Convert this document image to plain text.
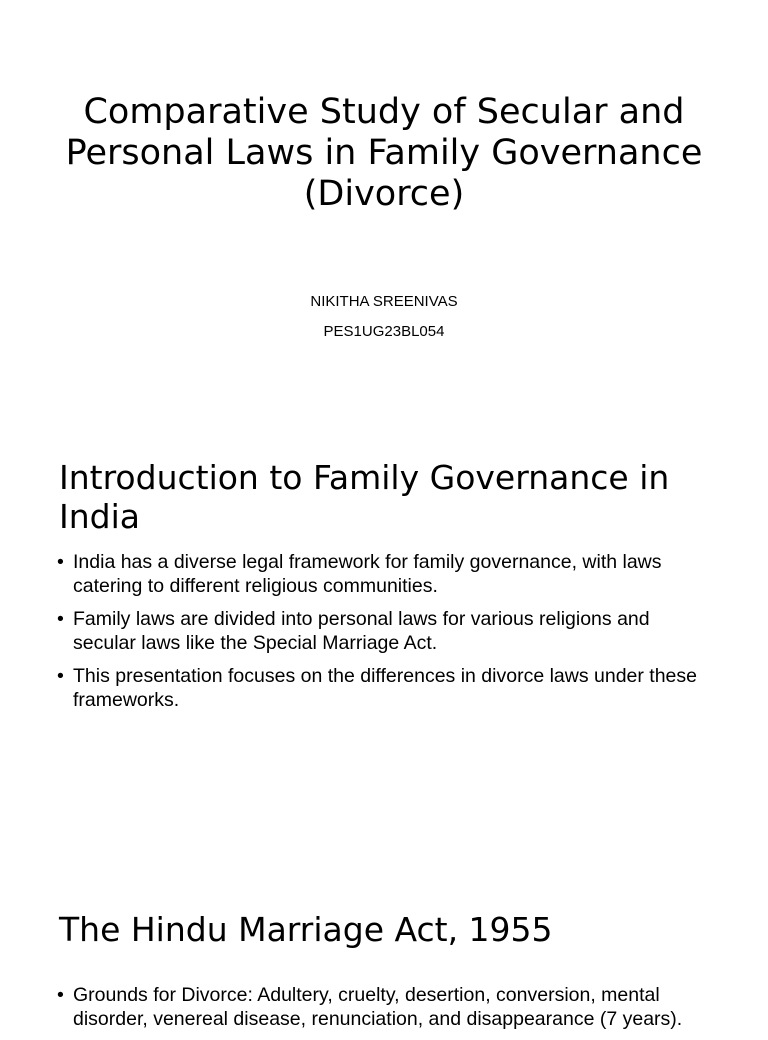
Comparative Study of Secular and Personal Laws in Family Governance (Divorce)

NIKITHA SREENIVAS

PES1UG23BL054

Introduction to Family Governance in India
• India has a diverse legal framework for family governance, with laws catering to different religious communities.
• Family laws are divided into personal laws for various religions and secular laws like the Special Marriage Act.
• This presentation focuses on the differences in divorce laws under these frameworks.
The Hindu Marriage Act, 1955
• Grounds for Divorce: Adultery, cruelty, desertion, conversion, mental disorder, venereal disease, renunciation, and disappearance (7 years).
